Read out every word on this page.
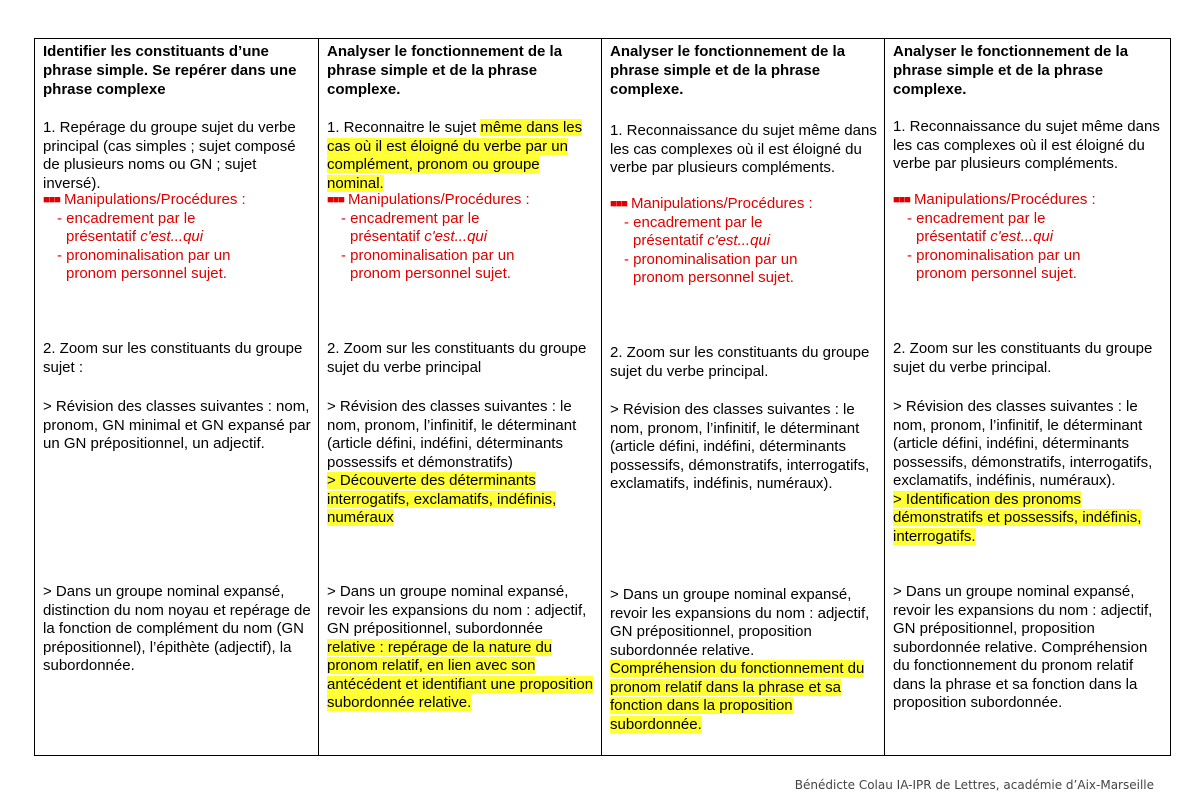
Identifier les constituants d’une phrase simple. Se repérer dans une phrase complexe
1. Repérage du groupe sujet du verbe principal (cas simples ; sujet composé de plusieurs noms ou GN ; sujet inversé).

■■■ Manipulations/Procédures :

- encadrement par le

présentatif c'est...qui

- pronominalisation par un

pronom personnel sujet.

2. Zoom sur les constituants du groupe sujet :
> Révision des classes suivantes : nom, pronom, GN minimal et GN expansé par un GN prépositionnel, un adjectif.
> Dans un groupe nominal expansé, distinction du nom noyau et repérage de la fonction de complément du nom (GN prépositionnel), l’épithète (adjectif), la subordonnée.
Analyser le fonctionnement de la phrase simple et de la phrase complexe.
1. Reconnaitre le sujet même dans les cas où il est éloigné du verbe par un complément, pronom ou groupe nominal.

■■■ Manipulations/Procédures :

- encadrement par le

présentatif c'est...qui

- pronominalisation par un

pronom personnel sujet.

2. Zoom sur les constituants du groupe sujet du verbe principal
> Révision des classes suivantes : le nom, pronom, l’infinitif, le déterminant (article défini, indéfini, déterminants possessifs et démonstratifs)
> Découverte des déterminants interrogatifs, exclamatifs, indéfinis, numéraux
> Dans un groupe nominal expansé, revoir les expansions du nom : adjectif, GN prépositionnel, subordonnée relative : repérage de la nature du pronom relatif, en lien avec son antécédent et identifiant une proposition subordonnée relative.
Analyser le fonctionnement de la phrase simple et de la phrase complexe.
1. Reconnaissance du sujet même dans les cas complexes où il est éloigné du verbe par plusieurs compléments.

■■■ Manipulations/Procédures :

- encadrement par le

présentatif c'est...qui

- pronominalisation par un

pronom personnel sujet.

2. Zoom sur les constituants du groupe sujet du verbe principal.
> Révision des classes suivantes : le nom, pronom, l’infinitif, le déterminant (article défini, indéfini, déterminants possessifs, démonstratifs, interrogatifs, exclamatifs, indéfinis, numéraux).
> Dans un groupe nominal expansé, revoir les expansions du nom : adjectif, GN prépositionnel, proposition subordonnée relative.
Compréhension du fonctionnement du pronom relatif dans la phrase et sa fonction dans la proposition subordonnée.
Analyser le fonctionnement de la phrase simple et de la phrase complexe.
1. Reconnaissance du sujet même dans les cas complexes où il est éloigné du verbe par plusieurs compléments.

■■■ Manipulations/Procédures :

- encadrement par le

présentatif c'est...qui

- pronominalisation par un

pronom personnel sujet.

2. Zoom sur les constituants du groupe sujet du verbe principal.
> Révision des classes suivantes : le nom, pronom, l’infinitif, le déterminant (article défini, indéfini, déterminants possessifs, démonstratifs, interrogatifs, exclamatifs, indéfinis, numéraux).
> Identification des pronoms démonstratifs et possessifs, indéfinis, interrogatifs.
> Dans un groupe nominal expansé, revoir les expansions du nom : adjectif, GN prépositionnel, proposition subordonnée relative. Compréhension du fonctionnement du pronom relatif dans la phrase et sa fonction dans la proposition subordonnée.
Bénédicte Colau IA-IPR de Lettres, académie d’Aix-Marseille
